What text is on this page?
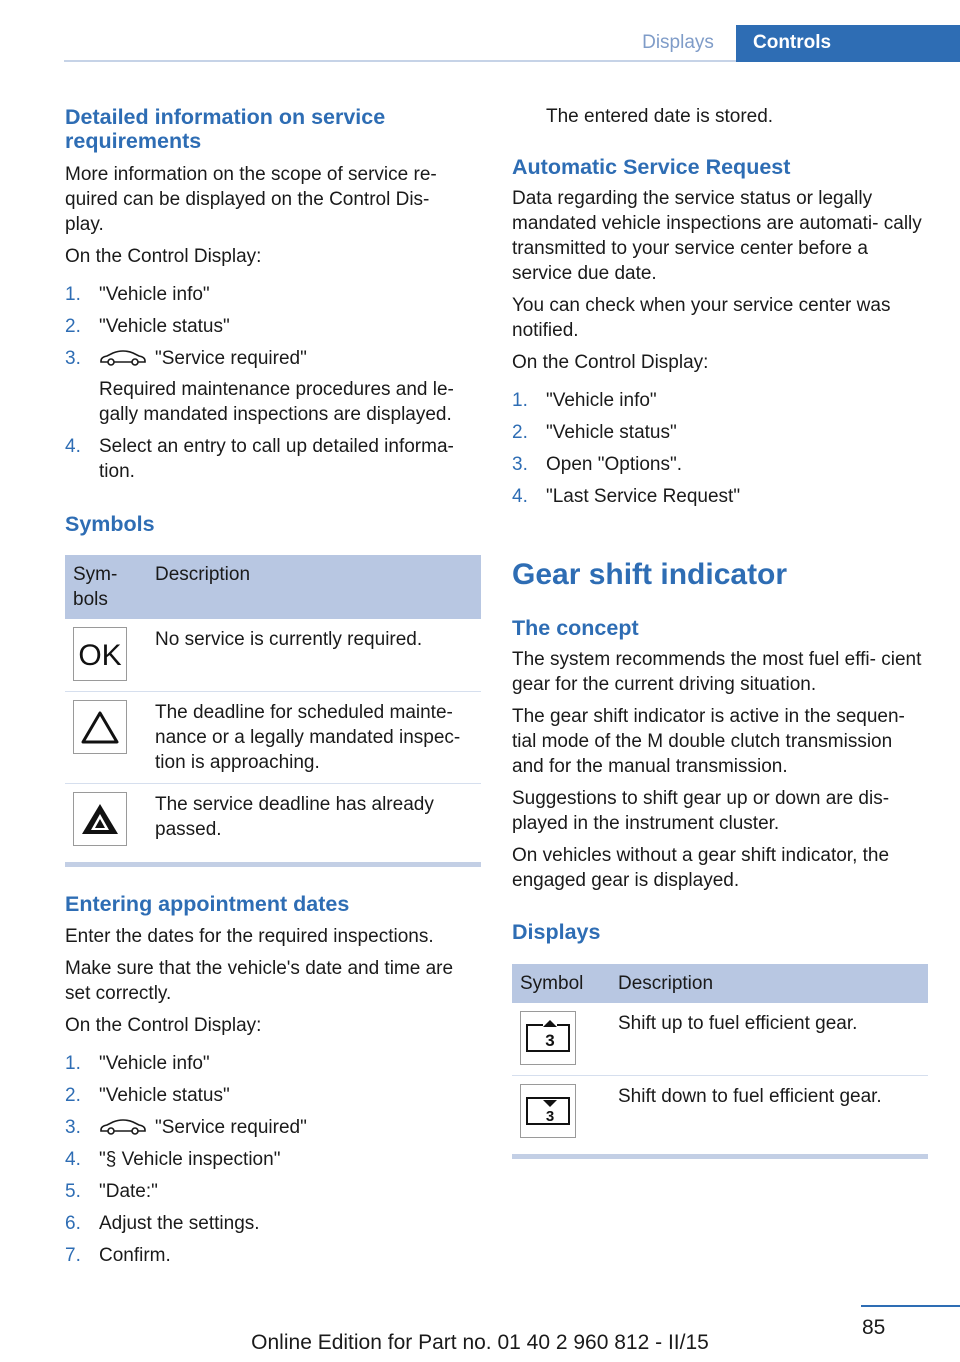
Displays	Controls
Detailed information on service requirements

More information on the scope of service re- quired can be displayed on the Control Dis- play.

On the Control Display:

1. "Vehicle info"
2. "Vehicle status"
3.	"Service required"
Required maintenance procedures and le- gally mandated inspections are displayed.
4. Select an entry to call up detailed informa- tion.
Symbols
Sym- bols	Description

OK	No service is currently required.

	The deadline for scheduled mainte- nance or a legally mandated inspec- tion is approaching.

	The service deadline has already passed.
Entering appointment dates

Enter the dates for the required inspections.

Make sure that the vehicle's date and time are set correctly.

On the Control Display:

1. "Vehicle info"
2. "Vehicle status"
3.	"Service required"
4. "§ Vehicle inspection"
5. "Date:"
6. Adjust the settings.
7. Confirm.

The entered date is stored.

Automatic Service Request

Data regarding the service status or legally mandated vehicle inspections are automati- cally transmitted to your service center before a service due date.

You can check when your service center was notified.

On the Control Display:

1. "Vehicle info"
2. "Vehicle status"
3. Open "Options".
4. "Last Service Request"
Gear shift indicator
The concept

The system recommends the most fuel effi- cient gear for the current driving situation.

The gear shift indicator is active in the sequen- tial mode of the M double clutch transmission and for the manual transmission.

Suggestions to shift gear up or down are dis- played in the instrument cluster.

On vehicles without a gear shift indicator, the engaged gear is displayed.

Displays
Symbol	Description

3	Shift up to fuel efficient gear.

3	Shift down to fuel efficient gear.
85
Online Edition for Part no. 01 40 2 960 812 - II/15
